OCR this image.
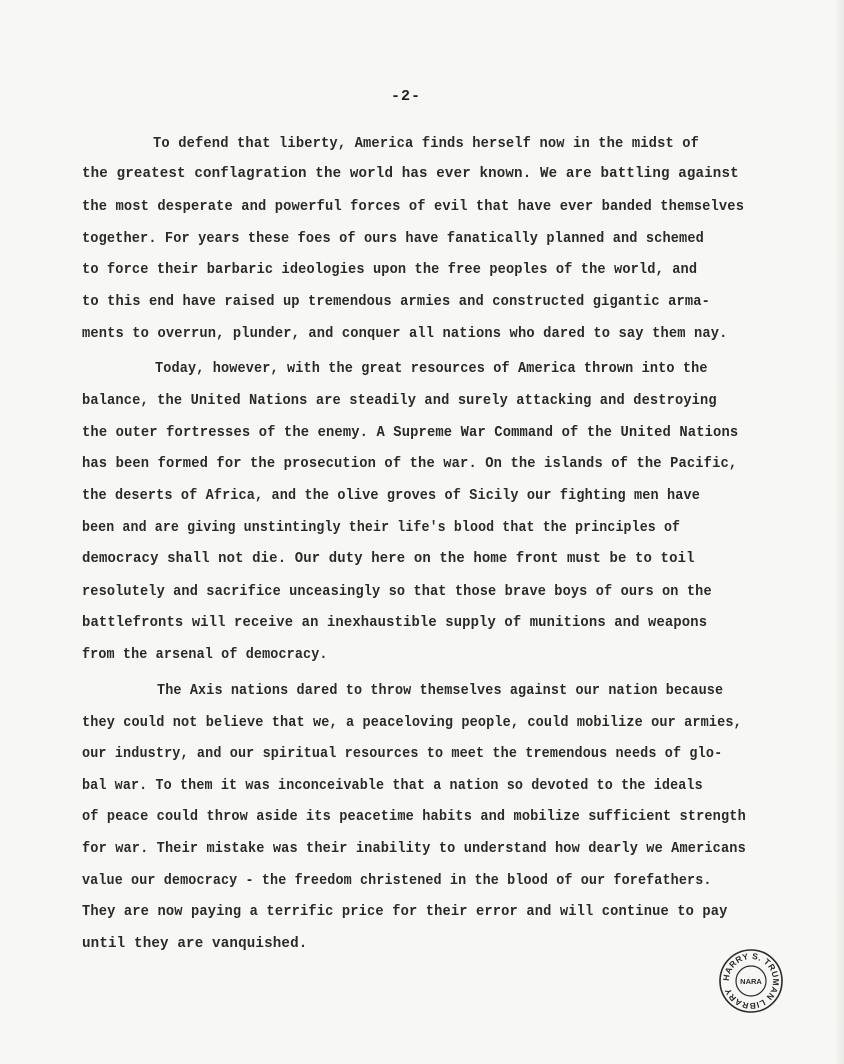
-2-
To defend that liberty, America finds herself now in the midst of
the greatest conflagration the world has ever known. We are battling against
the most desperate and powerful forces of evil that have ever banded themselves
together. For years these foes of ours have fanatically planned and schemed
to force their barbaric ideologies upon the free peoples of the world, and
to this end have raised up tremendous armies and constructed gigantic arma-
ments to overrun, plunder, and conquer all nations who dared to say them nay.
Today, however, with the great resources of America thrown into the
balance, the United Nations are steadily and surely attacking and destroying
the outer fortresses of the enemy. A Supreme War Command of the United Nations
has been formed for the prosecution of the war. On the islands of the Pacific,
the deserts of Africa, and the olive groves of Sicily our fighting men have
been and are giving unstintingly their life's blood that the principles of
democracy shall not die. Our duty here on the home front must be to toil
resolutely and sacrifice unceasingly so that those brave boys of ours on the
battlefronts will receive an inexhaustible supply of munitions and weapons
from the arsenal of democracy.
The Axis nations dared to throw themselves against our nation because
they could not believe that we, a peaceloving people, could mobilize our armies,
our industry, and our spiritual resources to meet the tremendous needs of glo-
bal war. To them it was inconceivable that a nation so devoted to the ideals
of peace could throw aside its peacetime habits and mobilize sufficient strength
for war. Their mistake was their inability to understand how dearly we Americans
value our democracy - the freedom christened in the blood of our forefathers.
They are now paying a terrific price for their error and will continue to pay
until they are vanquished.
HARRY S. TRUMAN LIBRARY
NARA
